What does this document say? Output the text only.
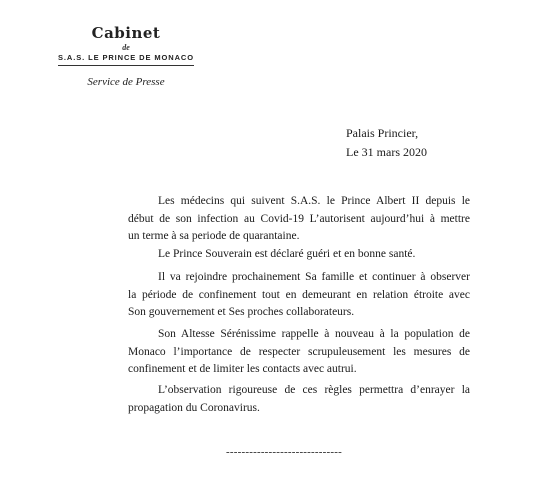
Cabinet
de
S.A.S. LE PRINCE DE MONACO
Service de Presse
Palais Princier,
Le 31 mars 2020
Les médecins qui suivent S.A.S. le Prince Albert II depuis le
début de son infection au Covid-19 L’autorisent aujourd’hui à mettre
un terme à sa periode de quarantaine.
Le Prince Souverain est déclaré guéri et en bonne santé.
Il va rejoindre prochainement Sa famille et continuer à observer
la période de confinement tout en demeurant en relation étroite avec
Son gouvernement et Ses proches collaborateurs.
Son Altesse Sérénissime rappelle à nouveau à la population de
Monaco l’importance de respecter scrupuleusement les mesures de
confinement et de limiter les contacts avec autrui.
L’observation rigoureuse de ces règles permettra d’enrayer la
propagation du Coronavirus.
------------------------------
